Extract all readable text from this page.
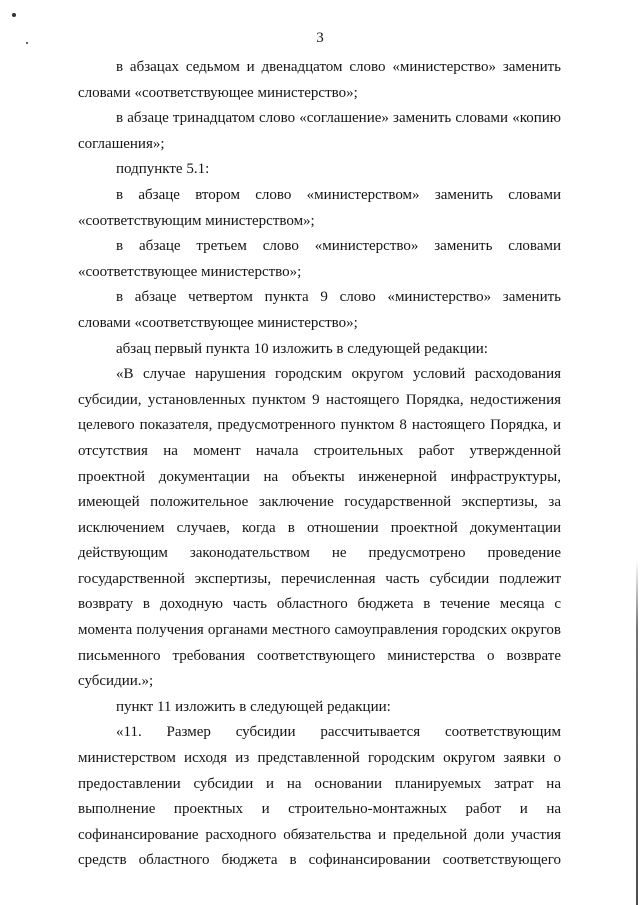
3

в абзацах седьмом и двенадцатом слово «министерство» заменить словами «соответствующее министерство»;

в абзаце тринадцатом слово «соглашение» заменить словами «копию соглашения»;

подпункте 5.1:

в абзаце втором слово «министерством» заменить словами «соответствующим министерством»;

в абзаце третьем слово «министерство» заменить словами «соответствующее министерство»;

в абзаце четвертом пункта 9 слово «министерство» заменить словами «соответствующее министерство»;

абзац первый пункта 10 изложить в следующей редакции:

«В случае нарушения городским округом условий расходования субсидии, установленных пунктом 9 настоящего Порядка, недостижения целевого показателя, предусмотренного пунктом 8 настоящего Порядка, и отсутствия на момент начала строительных работ утвержденной проектной документации на объекты инженерной инфраструктуры, имеющей положительное заключение государственной экспертизы, за исключением случаев, когда в отношении проектной документации действующим законодательством не предусмотрено проведение государственной экспертизы, перечисленная часть субсидии подлежит возврату в доходную часть областного бюджета в течение месяца с момента получения органами местного самоуправления городских округов письменного требования соответствующего министерства о возврате субсидии.»;

пункт 11 изложить в следующей редакции:

«11. Размер субсидии рассчитывается соответствующим министерством исходя из представленной городским округом заявки о предоставлении субсидии и на основании планируемых затрат на выполнение проектных и строительно-монтажных работ и на софинансирование расходного обязательства и предельной доли участия средств областного бюджета в софинансировании соответствующего
